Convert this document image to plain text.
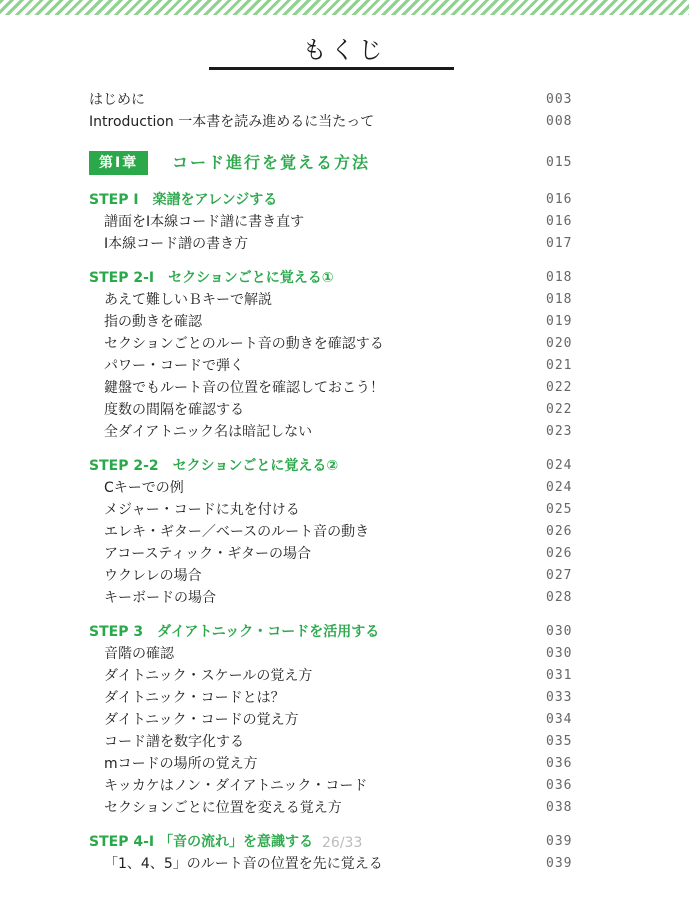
もくじ
はじめに	003
Introduction 一本書を読み進めるに当たって	008
第Ⅰ章	コード進行を覚える方法	015
STEP I　楽譜をアレンジする	016
譜面をⅠ本線コード譜に書き直す	016
Ⅰ本線コード譜の書き方	017
STEP 2-I　セクションごとに覚える①	018
あえて難しいＢキーで解説	018
指の動きを確認	019
セクションごとのルート音の動きを確認する	020
パワー・コードで弾く	021
鍵盤でもルート音の位置を確認しておこう！	022
度数の間隔を確認する	022
全ダイアトニック名は暗記しない	023
STEP 2-2　セクションごとに覚える②	024
Cキーでの例	024
メジャー・コードに丸を付ける	025
エレキ・ギター／ベースのルート音の動き	026
アコースティック・ギターの場合	026
ウクレレの場合	027
キーボードの場合	028
STEP 3　ダイアトニック・コードを活用する	030
音階の確認	030
ダイトニック・スケールの覚え方	031
ダイトニック・コードとは？	033
ダイトニック・コードの覚え方	034
コード譜を数字化する	035
mコードの場所の覚え方	036
キッカケはノン・ダイアトニック・コード	036
セクションごとに位置を変える覚え方	038
STEP 4-I 「音の流れ」を意識する	039
「1、4、5」のルート音の位置を先に覚える	039
26/33
